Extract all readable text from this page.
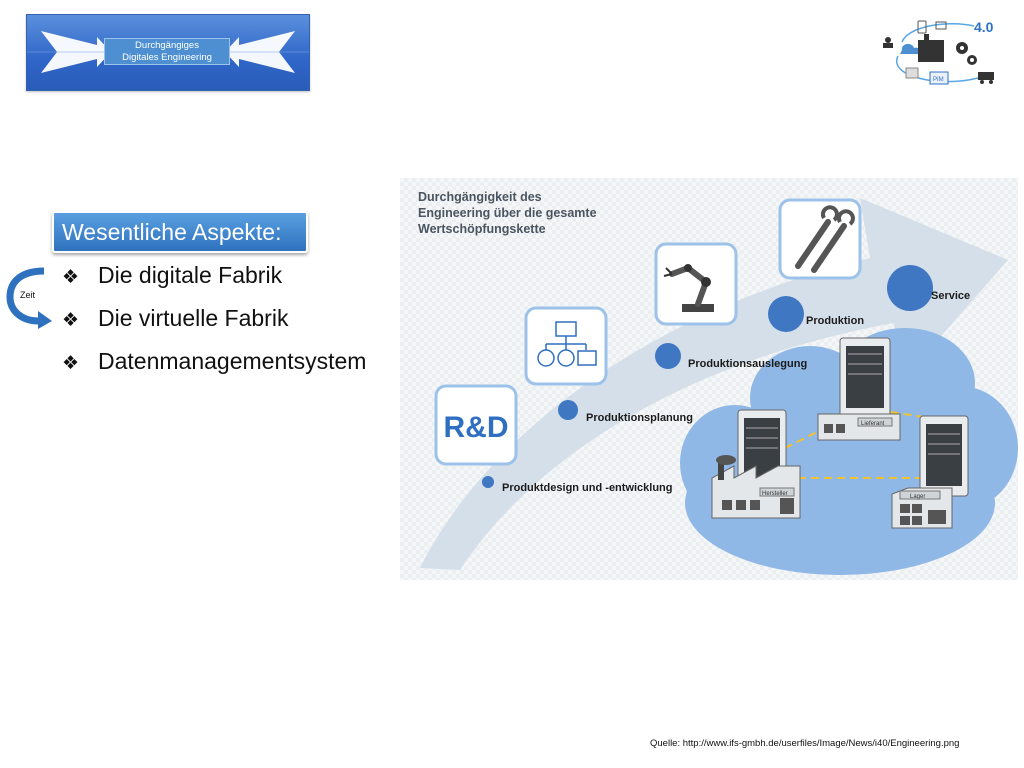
Durchgängiges
Digitales Engineering
4.0
PIM
Wesentliche Aspekte:
Zeit
❖ Die digitale Fabrik
❖ Die virtuelle Fabrik
❖ Datenmanagementsystem
Durchgängigkeit des
Engineering über die gesamte
Wertschöpfungskette
Hersteller
Lieferant
Lager
R&D
Produktdesign und -entwicklung
Produktionsplanung
Produktionsauslegung
Produktion
Service
Quelle: http://www.ifs-gmbh.de/userfiles/Image/News/i40/Engineering.png
